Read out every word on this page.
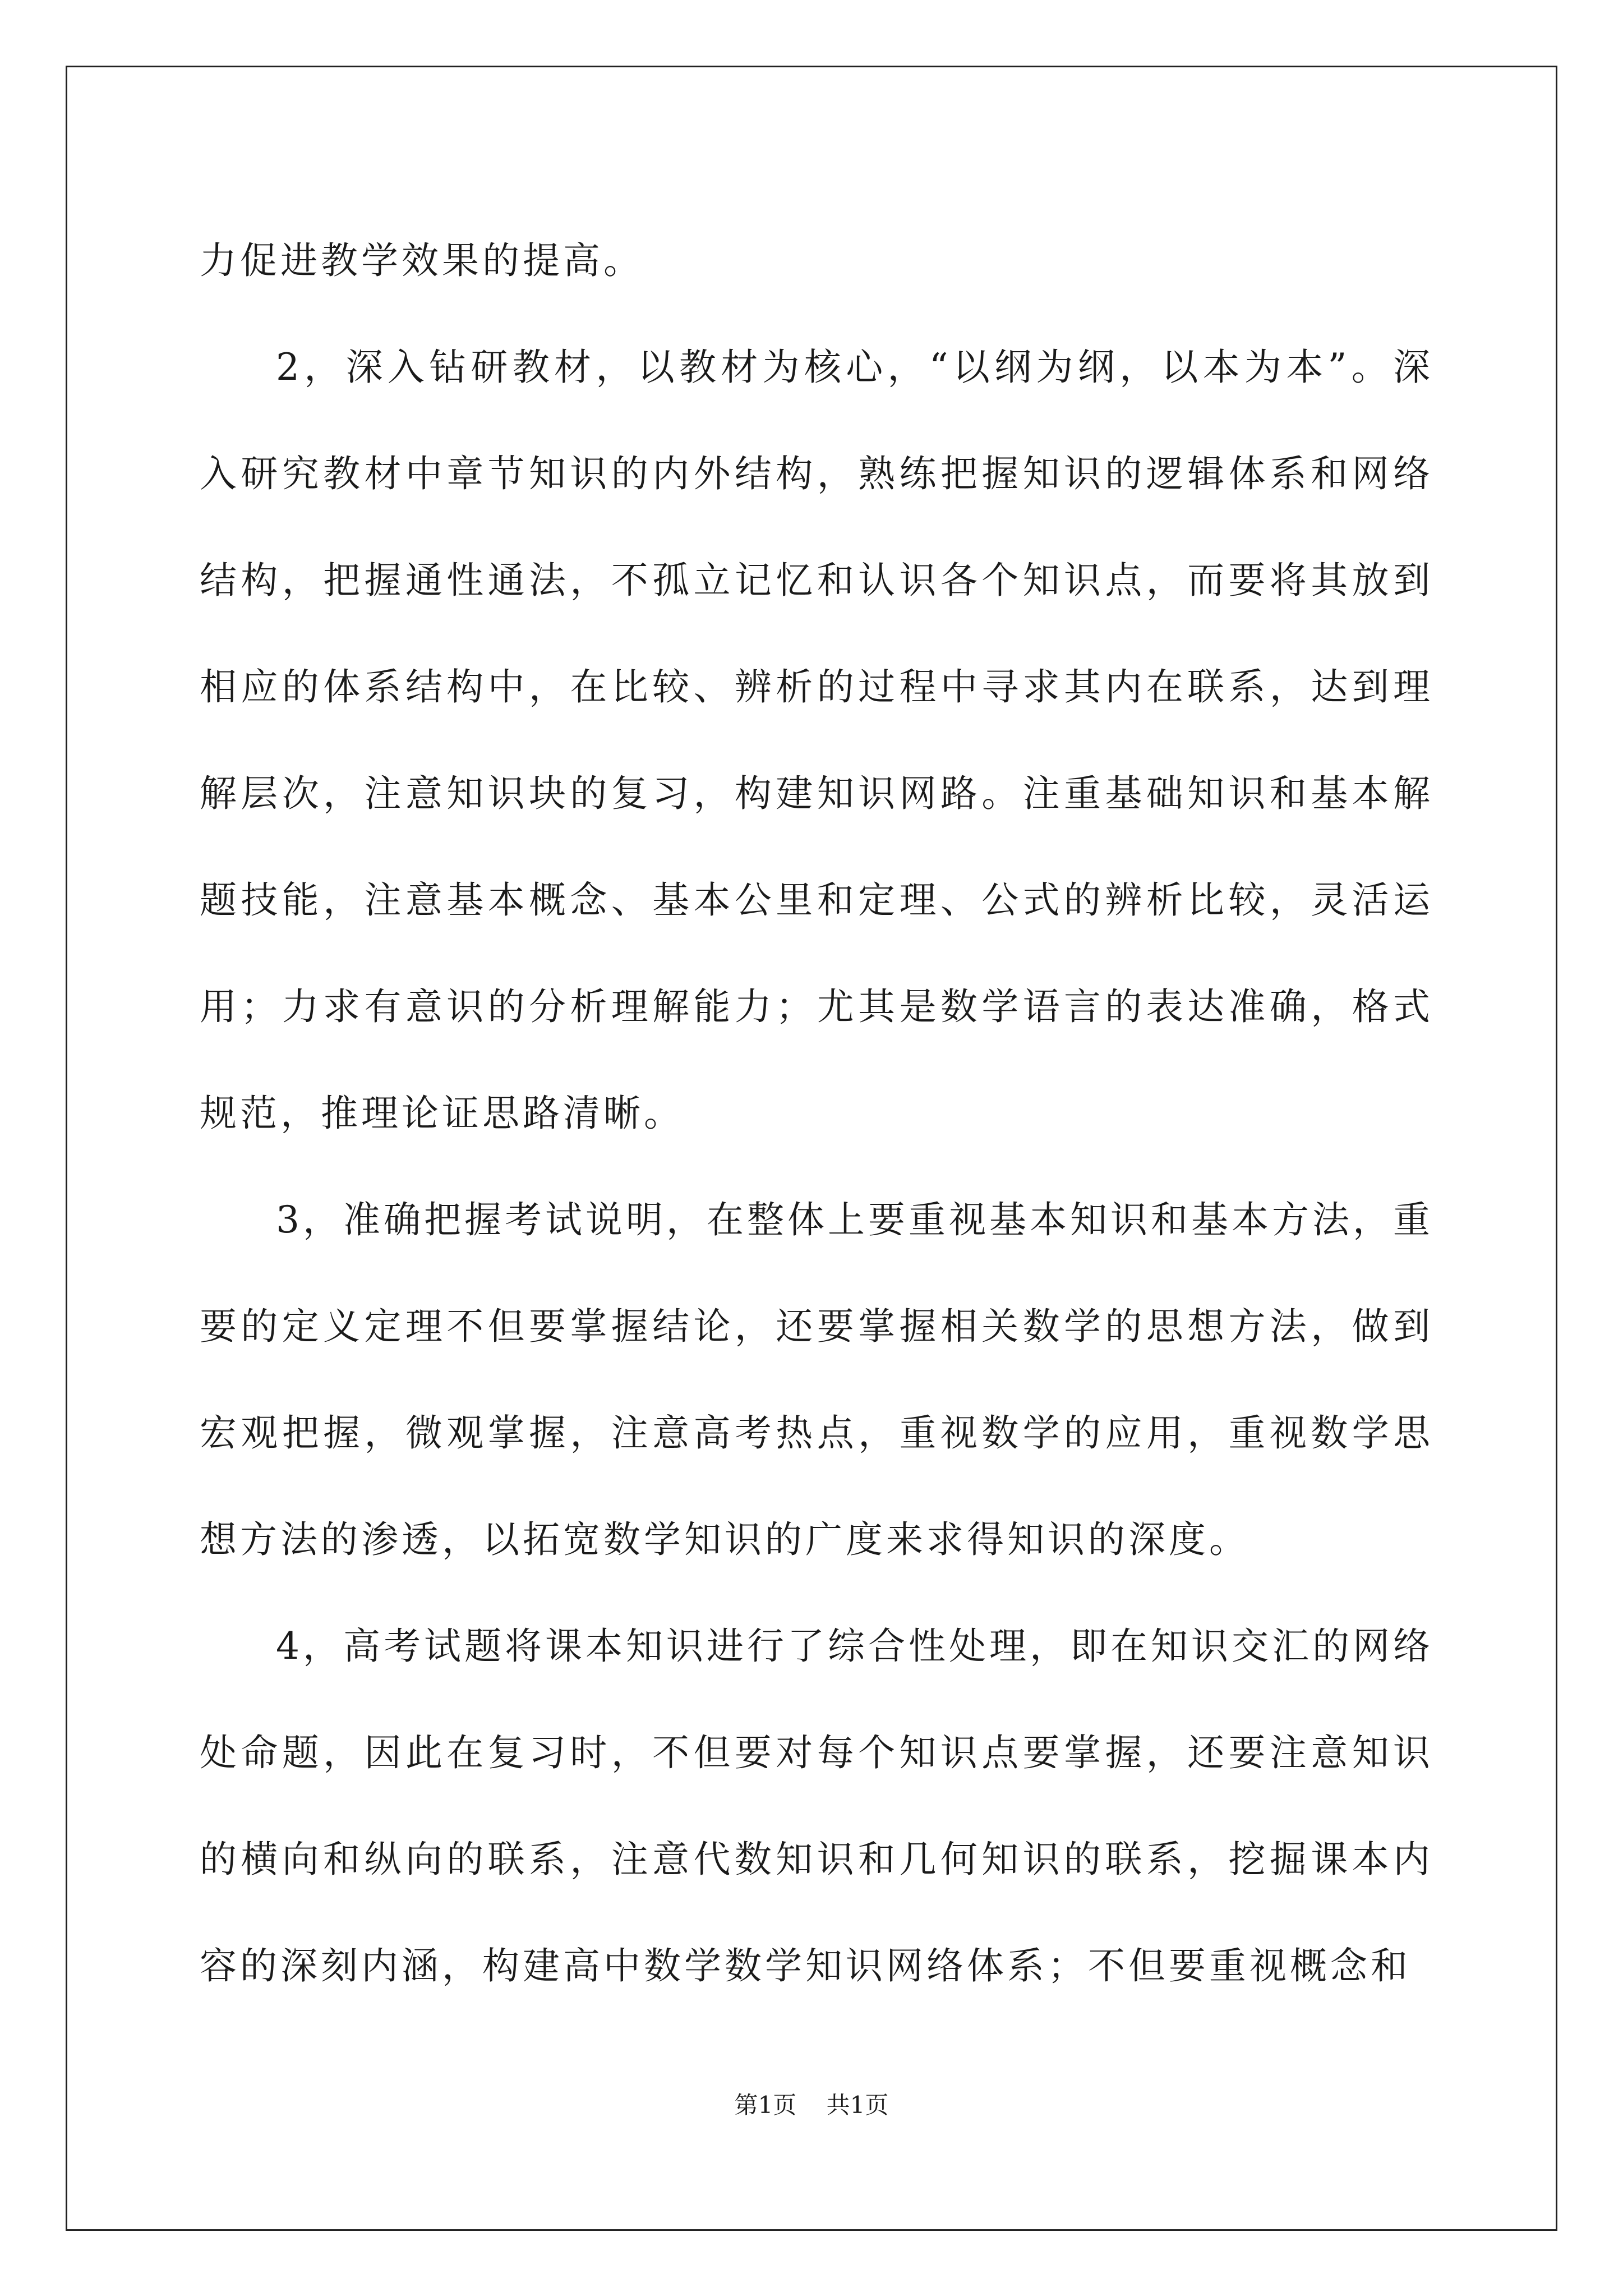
力促进教学效果的提高。

2，深入钻研教材，以教材为核心，“以纲为纲，以本为本”。深入研究教材中章节知识的内外结构，熟练把握知识的逻辑体系和网络结构，把握通性通法，不孤立记忆和认识各个知识点，而要将其放到相应的体系结构中，在比较、辨析的过程中寻求其内在联系，达到理解层次，注意知识块的复习，构建知识网路。注重基础知识和基本解题技能，注意基本概念、基本公里和定理、公式的辨析比较，灵活运用；力求有意识的分析理解能力；尤其是数学语言的表达准确，格式规范，推理论证思路清晰。

3，准确把握考试说明，在整体上要重视基本知识和基本方法，重要的定义定理不但要掌握结论，还要掌握相关数学的思想方法，做到宏观把握，微观掌握，注意高考热点，重视数学的应用，重视数学思想方法的渗透，以拓宽数学知识的广度来求得知识的深度。

4，高考试题将课本知识进行了综合性处理，即在知识交汇的网络处命题，因此在复习时，不但要对每个知识点要掌握，还要注意知识的横向和纵向的联系，注意代数知识和几何知识的联系，挖掘课本内容的深刻内涵，构建高中数学数学知识网络体系；不但要重视概念和

第1页 共1页
